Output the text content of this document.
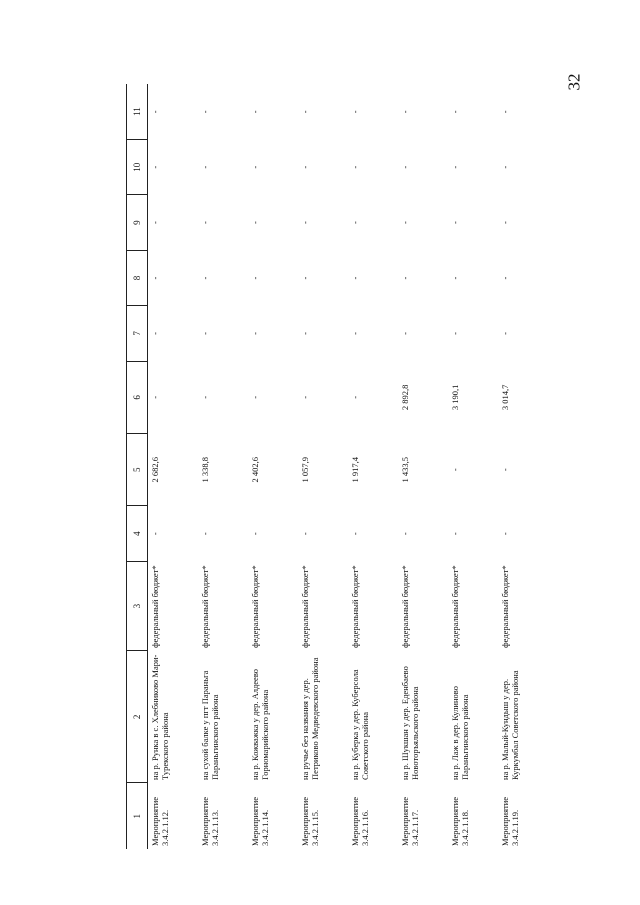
32
1	2	3	4	5	6	7	8	9	10	11
Мероприятие 3.4.2.1.12.	на р. Рунка в с. Хлебниково Мари-Турекского района	федеральный бюджет*	-	2 682,6	-	-	-	-	-	-
Мероприятие 3.4.2.1.13.	на сухой балке у пгт Параньга Параньгинского района	федеральный бюджет*	-	1 338,8	-	-	-	-	-	-
Мероприятие 3.4.2.1.14.	на р. Кожважка у дер. Алдеево Горномарийского района	федеральный бюджет*	-	2 402,6	-	-	-	-	-	-
Мероприятие 3.4.2.1.15.	на ручье без названия у дер. Петриково Медведевского района	федеральный бюджет*	-	1 057,9	-	-	-	-	-	-
Мероприятие 3.4.2.1.16.	на р. Куберка у дер. Куберсола Советского района	федеральный бюджет*	-	1 917,4	-	-	-	-	-	-
Мероприятие 3.4.2.1.17.	на р. Шукшан у дер. Еденбаево Новоторъяльского района	федеральный бюджет*	-	1 433,5	2 892,8	-	-	-	-	-
Мероприятие 3.4.2.1.18.	на р. Лаж в дер. Кулиново Параньгинского района	федеральный бюджет*	-	-	3 190,1	-	-	-	-	-
Мероприятие 3.4.2.1.19.	на р. Малый-Кундыш у дер. Куркумбал Советского района	федеральный бюджет*	-	-	3 014,7	-	-	-	-	-
